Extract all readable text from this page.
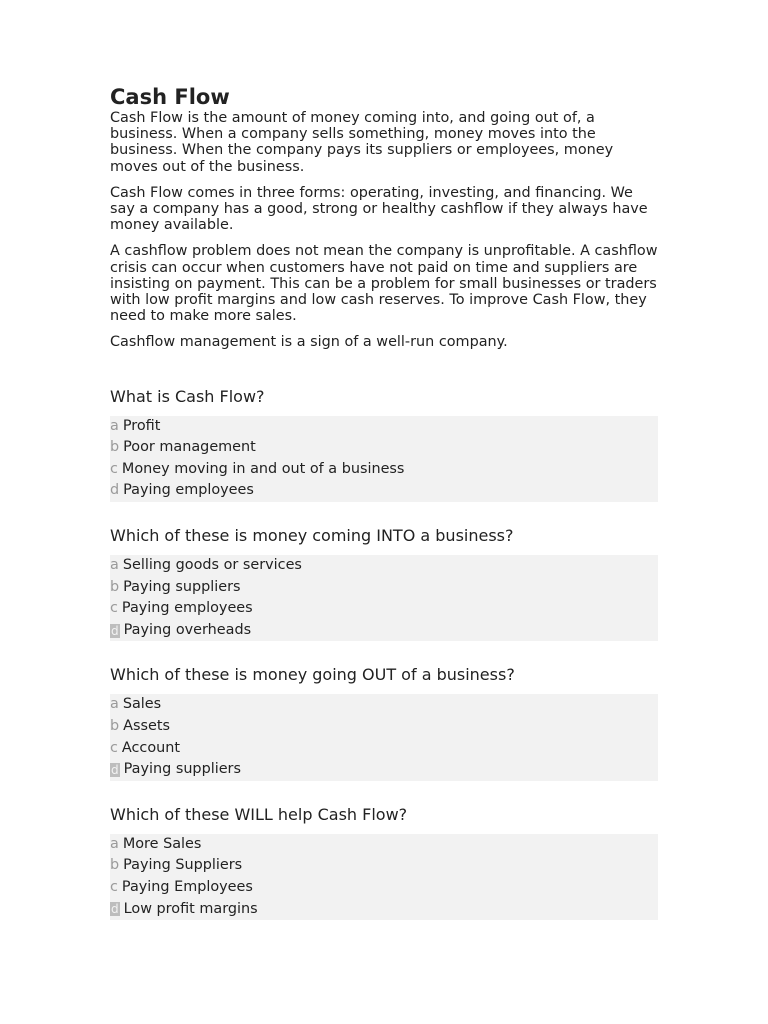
Cash Flow

Cash Flow is the amount of money coming into, and going out of, a business. When a company sells something, money moves into the business. When the company pays its suppliers or employees, money moves out of the business.

Cash Flow comes in three forms: operating, investing, and financing. We say a company has a good, strong or healthy cashflow if they always have money available.

A cashflow problem does not mean the company is unprofitable. A cashflow crisis can occur when customers have not paid on time and suppliers are insisting on payment. This can be a problem for small businesses or traders with low profit margins and low cash reserves. To improve Cash Flow, they need to make more sales.

Cashflow management is a sign of a well-run company.

What is Cash Flow?
a Profit
b Poor management
c Money moving in and out of a business
d Paying employees
Which of these is money coming INTO a business?
a Selling goods or services
b Paying suppliers
c Paying employees
d Paying overheads
Which of these is money going OUT of a business?
a Sales
b Assets
c Account
d Paying suppliers
Which of these WILL help Cash Flow?
a More Sales
b Paying Suppliers
c Paying Employees
d Low profit margins
